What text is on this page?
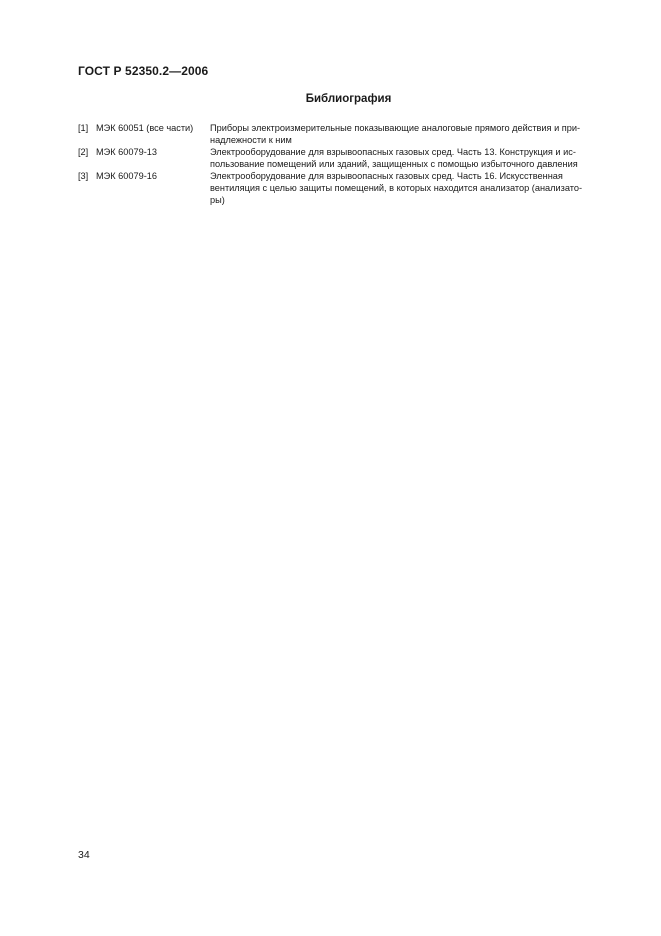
ГОСТ Р 52350.2—2006
Библиография
[1] МЭК 60051 (все части) Приборы электроизмерительные показывающие аналоговые прямого действия и при-
надлежности к ним
[2] МЭК 60079-13	Электрооборудование для взрывоопасных газовых сред. Часть 13. Конструкция и ис-
пользование помещений или зданий, защищенных с помощью избыточного давления
[3] МЭК 60079-16	Электрооборудование для взрывоопасных газовых сред. Часть 16. Искусственная
вентиляция с целью защиты помещений, в которых находится анализатор (анализато-
ры)
34
